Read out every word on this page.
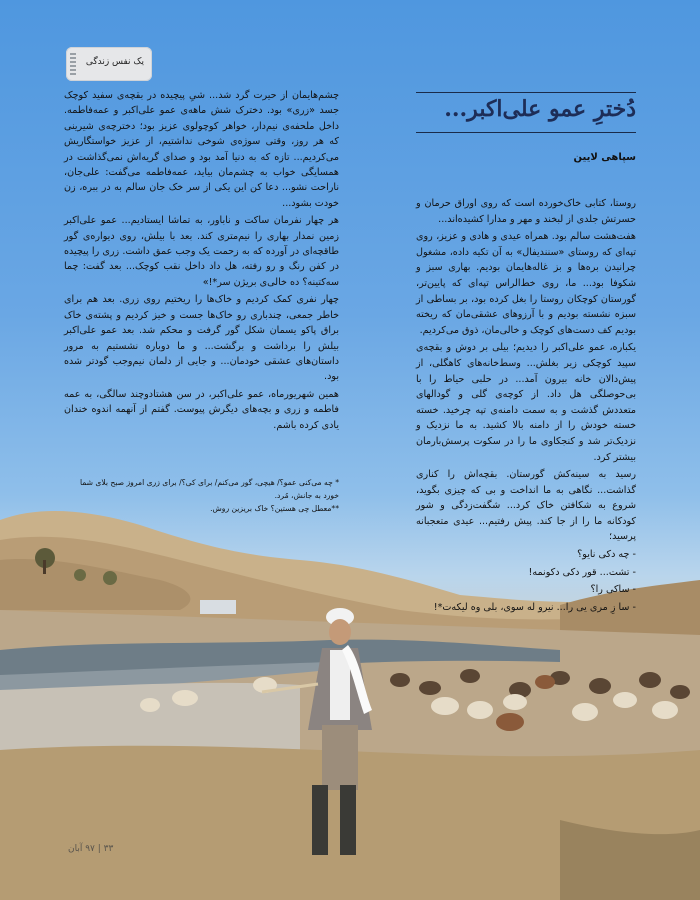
یک نفس زندگی
دُخترِ عمو علی‌اکبر...
سپاهی لایین

روستا، کتابی خاک‌خورده است که روی اوراق حرمان و حسرتش جلدی از لبخند و مهر و مدارا کشیده‌اند...

هفت‌هشت سالم بود. همراه عیدی و هادی و عزیز، روی تپه‌ای که روستای «سنندیفال» به آن تکیه داده، مشغول چرانیدن بره‌ها و بز غاله‌هایمان بودیم. بهاری سبز و شکوفا بود... ما، روی خط‌الراس تپه‌ای که پایین‌تر، گورستان کوچکان روستا را بغل کرده بود، بر بساطی از سبزه نشسته بودیم و با آرزوهای عشقی‌مان که ریخته بودیم کف دست‌های کوچک و خالی‌مان، ذوق می‌کردیم.

یکباره، عمو علی‌اکبر را دیدیم؛ بیلی بر دوش و بقچه‌ی سپید کوچکی زیر بغلش... وسط‌خانه‌های کاهگلی، از پیش‌دالان خانه بیرون آمد... در حلبی حیاط را با بی‌حوصلگی هل داد. از کوچه‌ی گلی و گودالهای متعددش گذشت و به سمت دامنه‌ی تپه چرخید. خسته خسته خودش را از دامنه بالا کشید. به ما نزدیک و نزدیک‌تر شد و کنجکاوی ما را در سکوت پرسش‌بارمان بیشتر کرد.

رسید به سینه‌کش گورستان. بقچه‌اش را کناری گذاشت... نگاهی به ما انداخت و بی که چیزی بگوید، شروع به شکافتن خاک کرد... شگفت‌زدگی و شور کودکانه ما را از جا کند. پیش رفتیم... عیدی متعجبانه پرسید؛

- چه دکی نایو؟

- تشت... قور دکی دکونمه!

- ساکی را؟

- سا زِ مری یی را... نیرو له سوی، بلی وه لیکه‌ت*!

چشم‌هایمان از حیرت گرد شد... شیِ پیچیده در بقچه‌ی سفید کوچک جسد «زری» بود. دخترک شش ماهه‌ی عمو علی‌اکبر و عمه‌فاطمه. داخل ملحفه‌ی نیم‌دار، خواهر کوچولوی عزیز بود؛ دخترچه‌ی شیرینی که هر روز، وقتی سوژه‌ی شوخی نداشتیم، از عزیز خواستگاریش می‌کردیم... تازه که به دنیا آمد بود و صدای گریه‌اش نمی‌گذاشت در همسایگی خواب به چشم‌مان بیاید، عمه‌فاطمه می‌گفت: علی‌جان، ناراحت نشو... دعا کن این یکی از سر خک جان سالم به در ببره، زن خودت بشود...

هر چهار نفرمان ساکت و ناباور، به تماشا ایستادیم... عمو علی‌اکبر زمین نمدار بهاری را نیم‌متری کند. بعد با بیلش، روی دیواره‌ی گور طاقچه‌ای در آورده که به زحمت یک وجب عمق داشت. زری را پیچیده در کفن رنگ و رو رفته، هل داد داخل نقب کوچک... بعد گفت: چما سه‌کتینه؟ ده خالی‌ی بریژن سر*!»

چهار نفری کمک کردیم و خاک‌ها را ریختیم روی زری. بعد هم برای خاطر جمعی، چندباری رو خاک‌ها جست و خیز کردیم و پشته‌ی خاک براق پاکو یسمان شکل گور گرفت و محکم شد. بعد عمو علی‌اکبر بیلش را برداشت و برگشت... و ما دوباره نشستیم به مرور داستان‌های عشقی خودمان... و جایی از دلمان نیم‌وجب گودتر شده بود.

همین شهریورماه، عمو علی‌اکبر، در سن هشتادوچند سالگی، به عمه فاطمه و زری و بچه‌های دیگرش پیوست. گفتم از آنهمه اندوه خندان یادی کرده باشم.

* چه می‌کنی عمو؟/ هیچی، گور می‌کنم/ برای کی؟/ برای زری امروز صبح بلای شما خورد به جانش، مُرد.

**معطل چی هستین؟ خاک بریزین روش.

۳۳ | ۹۷ آبان
